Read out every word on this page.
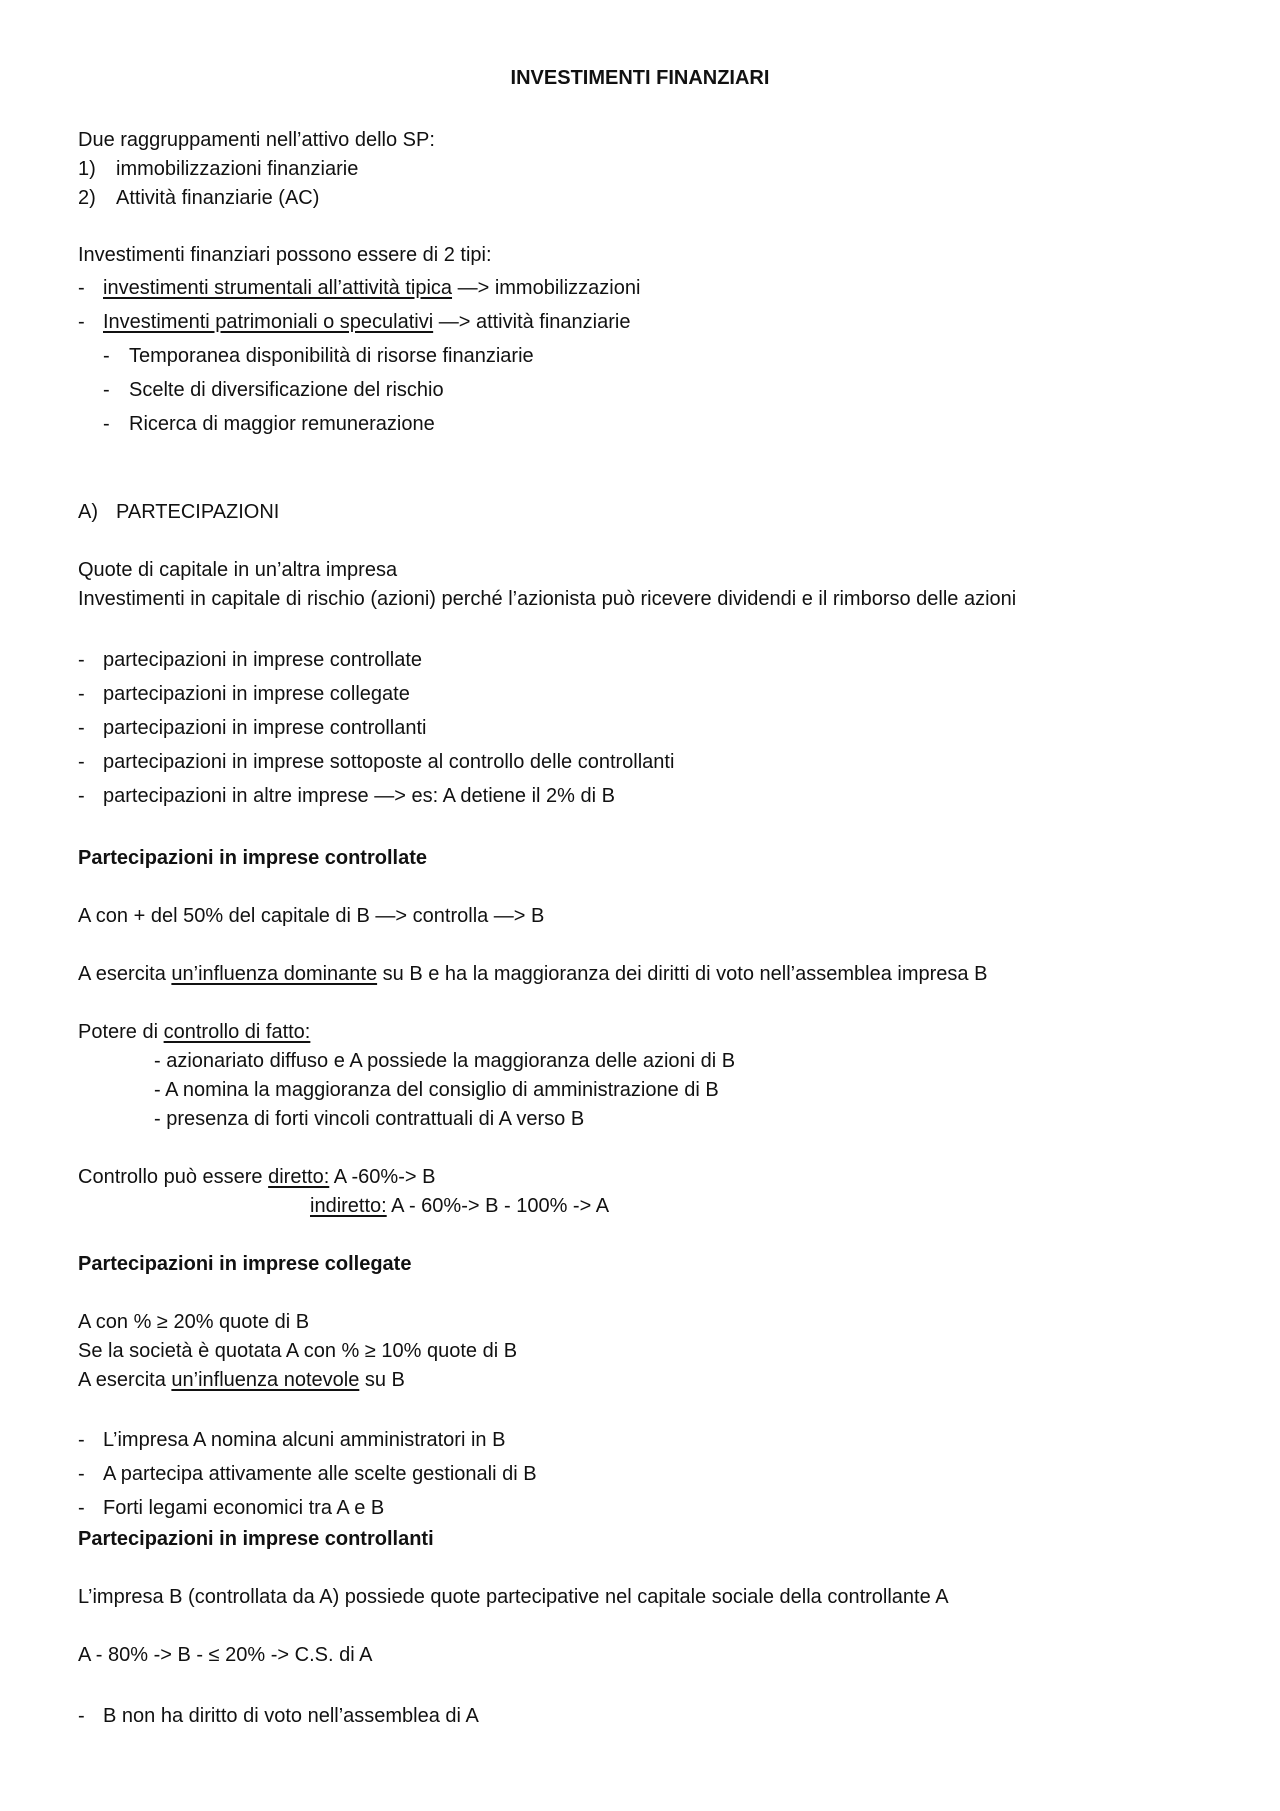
INVESTIMENTI FINANZIARI
Due raggruppamenti nell’attivo dello SP:
1) immobilizzazioni finanziarie
2) Attività finanziarie (AC)
Investimenti finanziari possono essere di 2 tipi:
- investimenti strumentali all’attività tipica —> immobilizzazioni
- Investimenti patrimoniali o speculativi —> attività finanziarie
- Temporanea disponibilità di risorse finanziarie
- Scelte di diversificazione del rischio
- Ricerca di maggior remunerazione
A) PARTECIPAZIONI
Quote di capitale in un’altra impresa
Investimenti in capitale di rischio (azioni) perché l’azionista può ricevere dividendi e il rimborso delle azioni
- partecipazioni in imprese controllate
- partecipazioni in imprese collegate
- partecipazioni in imprese controllanti
- partecipazioni in imprese sottoposte al controllo delle controllanti
- partecipazioni in altre imprese —> es: A detiene il 2% di B
Partecipazioni in imprese controllate
A con + del 50% del capitale di B —> controlla —> B
A esercita un’influenza dominante su B e ha la maggioranza dei diritti di voto nell’assemblea impresa B
Potere di controllo di fatto:
- azionariato diffuso e A possiede la maggioranza delle azioni di B
- A nomina la maggioranza del consiglio di amministrazione di B
- presenza di forti vincoli contrattuali di A verso B
Controllo può essere diretto: A -60%-> B
indiretto: A - 60%-> B - 100% -> A
Partecipazioni in imprese collegate
A con % ≥ 20% quote di B
Se la società è quotata A con % ≥ 10% quote di B
A esercita un’influenza notevole su B
- L’impresa A nomina alcuni amministratori in B
- A partecipa attivamente alle scelte gestionali di B
- Forti legami economici tra A e B
Partecipazioni in imprese controllanti
L’impresa B (controllata da A) possiede quote partecipative nel capitale sociale della controllante A
A - 80% -> B - ≤ 20% -> C.S. di A
- B non ha diritto di voto nell’assemblea di A
